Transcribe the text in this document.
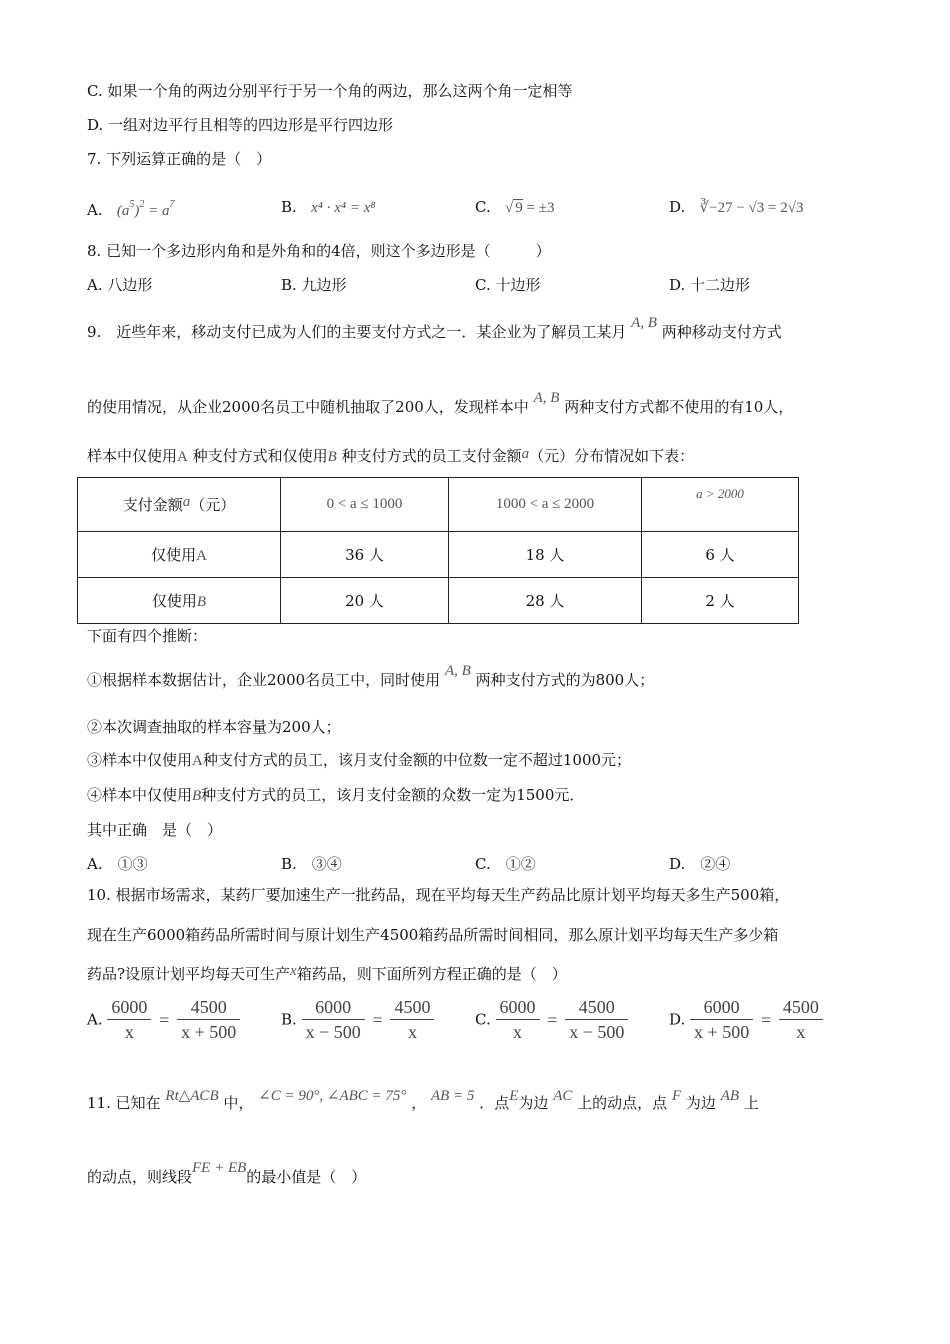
C. 如果一个角的两边分别平行于另一个角的两边，那么这两个角一定相等
D. 一组对边平行且相等的四边形是平行四边形
7. 下列运算正确的是（　）
A. $(a^5)^2 = a^7$	B. x⁴ · x⁴ = x⁸	C. √ 9 = ±3	D. ∛−27 − √3 = 2√3
8. 已知一个多边形内角和是外角和的4倍，则这个多边形是（　　　）
A. 八边形	B. 九边形	C. 十边形	D. 十二边形
9.　近些年来，移动支付已成为人们的主要支付方式之一．某企业为了解员工某月 A, B 两种移动支付方式
的使用情况，从企业2000名员工中随机抽取了200人，发现样本中 A, B 两种支付方式都不使用的有10人，
样本中仅使用A 种支付方式和仅使用B 种支付方式的员工支付金额a（元）分布情况如下表：
支付金额a（元）	0 < a ≤ 1000	1000 < a ≤ 2000	a > 2000
仅使用A	36 人	18 人	6 人
仅使用B	20 人	28 人	2 人
下面有四个推断：
①根据样本数据估计，企业2000名员工中，同时使用 A, B 两种支付方式的为800人；
②本次调查抽取的样本容量为200人；
③样本中仅使用A种支付方式的员工，该月支付金额的中位数一定不超过1000元；
④样本中仅使用B种支付方式的员工，该月支付金额的众数一定为1500元．
其中正确　是（　）
A.　①③	B.　③④	C.　①②	D.　②④
10. 根据市场需求，某药厂要加速生产一批药品，现在平均每天生产药品比原计划平均每天多生产500箱，
现在生产6000箱药品所需时间与原计划生产4500箱药品所需时间相同，那么原计划平均每天生产多少箱
药品?设原计划平均每天可生产x箱药品，则下面所列方程正确的是（　）
A. $\frac{6000}{x} = \frac{4500}{x + 500}$	B. $\frac{6000}{x - 500} = \frac{4500}{x}$	C. $\frac{6000}{x} = \frac{4500}{x - 500}$	D. $\frac{6000}{x + 500} = \frac{4500}{x}$
11. 已知在 Rt△ACB 中， ∠C = 90°, ∠ABC = 75° ， AB = 5 ．点E为边 AC 上的动点，点 F 为边 AB 上
的动点，则线段FE + EB的最小值是（　）
